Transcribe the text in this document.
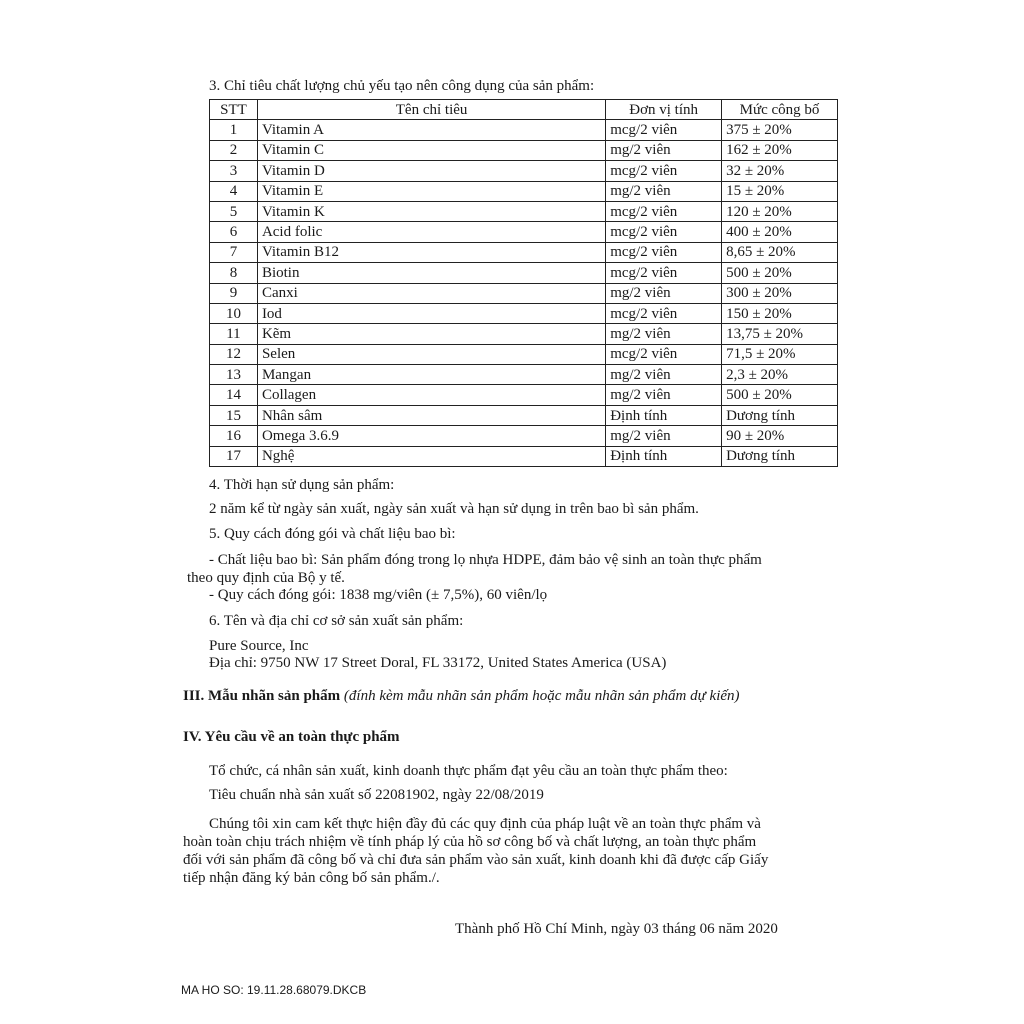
3. Chỉ tiêu chất lượng chủ yếu tạo nên công dụng của sản phẩm:
STT	Tên chỉ tiêu	Đơn vị tính	Mức công bố
1	Vitamin A	mcg/2 viên	375 ± 20%
2	Vitamin C	mg/2 viên	162 ± 20%
3	Vitamin D	mcg/2 viên	32 ± 20%
4	Vitamin E	mg/2 viên	15 ± 20%
5	Vitamin K	mcg/2 viên	120 ± 20%
6	Acid folic	mcg/2 viên	400 ± 20%
7	Vitamin B12	mcg/2 viên	8,65 ± 20%
8	Biotin	mcg/2 viên	500 ± 20%
9	Canxi	mg/2 viên	300 ± 20%
10	Iod	mcg/2 viên	150 ± 20%
11	Kẽm	mg/2 viên	13,75 ± 20%
12	Selen	mcg/2 viên	71,5 ± 20%
13	Mangan	mg/2 viên	2,3 ± 20%
14	Collagen	mg/2 viên	500 ± 20%
15	Nhân sâm	Định tính	Dương tính
16	Omega 3.6.9	mg/2 viên	90 ± 20%
17	Nghệ	Định tính	Dương tính
4. Thời hạn sử dụng sản phẩm:
2 năm kể từ ngày sản xuất, ngày sản xuất và hạn sử dụng in trên bao bì sản phẩm.
5. Quy cách đóng gói và chất liệu bao bì:
- Chất liệu bao bì: Sản phẩm đóng trong lọ nhựa HDPE, đảm bảo vệ sinh an toàn thực phẩm
theo quy định của Bộ y tế.
- Quy cách đóng gói: 1838 mg/viên (± 7,5%), 60 viên/lọ
6. Tên và địa chỉ cơ sở sản xuất sản phẩm:
Pure Source, Inc
Địa chỉ: 9750 NW 17 Street Doral, FL 33172, United States America (USA)
III. Mẫu nhãn sản phẩm (đính kèm mẫu nhãn sản phẩm hoặc mẫu nhãn sản phẩm dự kiến)
IV. Yêu cầu về an toàn thực phẩm
Tổ chức, cá nhân sản xuất, kinh doanh thực phẩm đạt yêu cầu an toàn thực phẩm theo:
Tiêu chuẩn nhà sản xuất số 22081902, ngày 22/08/2019
Chúng tôi xin cam kết thực hiện đầy đủ các quy định của pháp luật về an toàn thực phẩm và
hoàn toàn chịu trách nhiệm về tính pháp lý của hồ sơ công bố và chất lượng, an toàn thực phẩm
đối với sản phẩm đã công bố và chỉ đưa sản phẩm vào sản xuất, kinh doanh khi đã được cấp Giấy
tiếp nhận đăng ký bản công bố sản phẩm./.
Thành phố Hồ Chí Minh, ngày 03 tháng 06 năm 2020
MA HO SO: 19.11.28.68079.DKCB
